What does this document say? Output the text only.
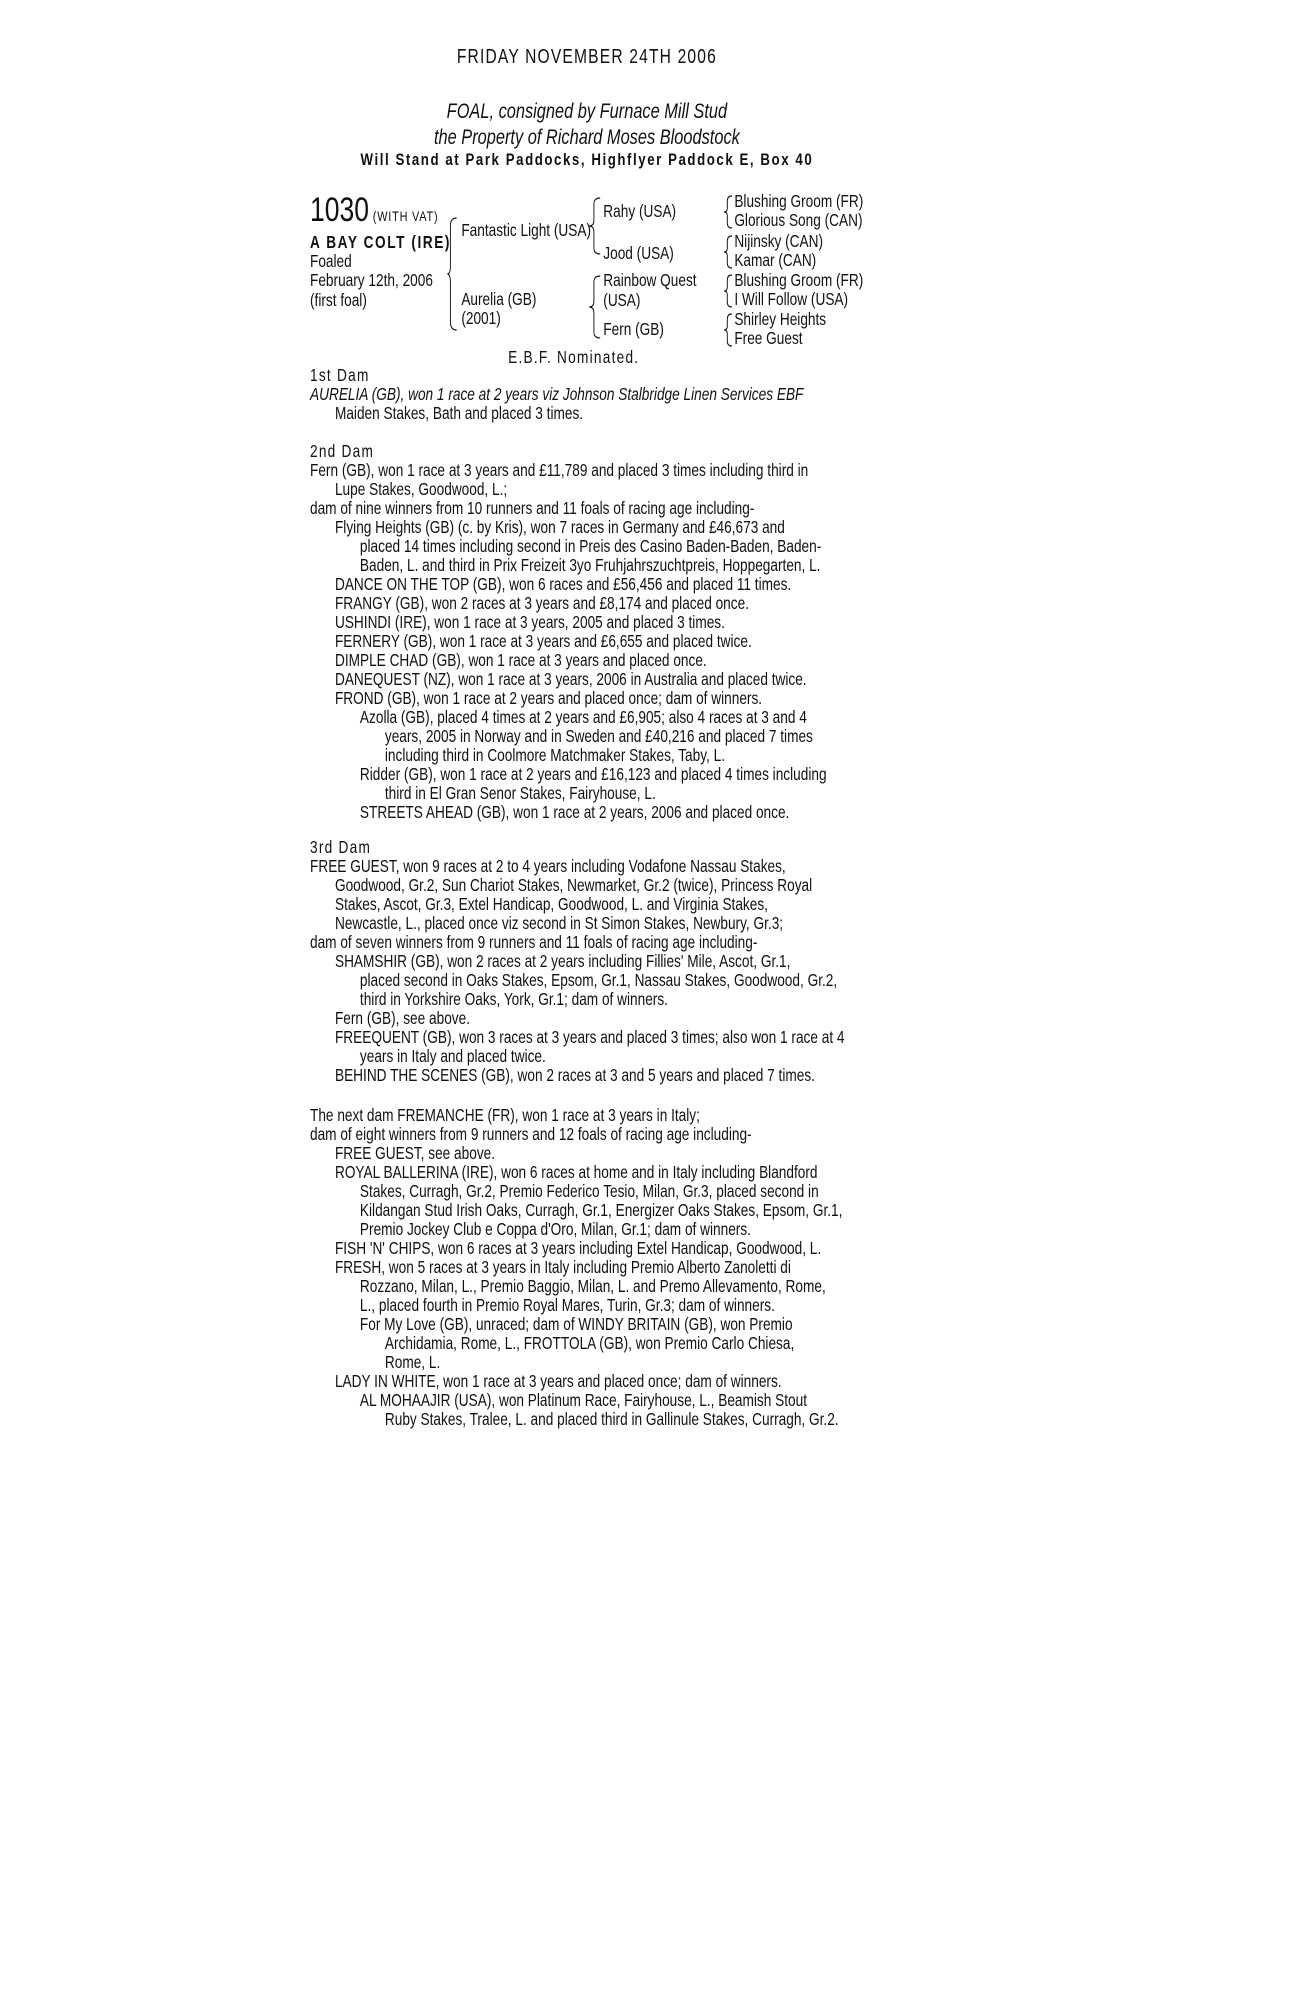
FRIDAY NOVEMBER 24TH 2006
FOAL, consigned by Furnace Mill Stud
the Property of Richard Moses Bloodstock
Will Stand at Park Paddocks, Highflyer Paddock E, Box 40
1030 (WITH VAT)
A BAY COLT (IRE)
Foaled
February 12th, 2006
(first foal)
Fantastic Light (USA)
Aurelia (GB)
(2001)
Rahy (USA)
Jood (USA)
Rainbow Quest
(USA)
Fern (GB)
Blushing Groom (FR)
Glorious Song (CAN)
Nijinsky (CAN)
Kamar (CAN)
Blushing Groom (FR)
I Will Follow (USA)
Shirley Heights
Free Guest
E.B.F. Nominated.
1st Dam
AURELIA (GB), won 1 race at 2 years viz Johnson Stalbridge Linen Services EBF
Maiden Stakes, Bath and placed 3 times.
2nd Dam
Fern (GB), won 1 race at 3 years and £11,789 and placed 3 times including third in
Lupe Stakes, Goodwood, L.;
dam of nine winners from 10 runners and 11 foals of racing age including-
Flying Heights (GB) (c. by Kris), won 7 races in Germany and £46,673 and
placed 14 times including second in Preis des Casino Baden-Baden, Baden-
Baden, L. and third in Prix Freizeit 3yo Fruhjahrszuchtpreis, Hoppegarten, L.
DANCE ON THE TOP (GB), won 6 races and £56,456 and placed 11 times.
FRANGY (GB), won 2 races at 3 years and £8,174 and placed once.
USHINDI (IRE), won 1 race at 3 years, 2005 and placed 3 times.
FERNERY (GB), won 1 race at 3 years and £6,655 and placed twice.
DIMPLE CHAD (GB), won 1 race at 3 years and placed once.
DANEQUEST (NZ), won 1 race at 3 years, 2006 in Australia and placed twice.
FROND (GB), won 1 race at 2 years and placed once; dam of winners.
Azolla (GB), placed 4 times at 2 years and £6,905; also 4 races at 3 and 4
years, 2005 in Norway and in Sweden and £40,216 and placed 7 times
including third in Coolmore Matchmaker Stakes, Taby, L.
Ridder (GB), won 1 race at 2 years and £16,123 and placed 4 times including
third in El Gran Senor Stakes, Fairyhouse, L.
STREETS AHEAD (GB), won 1 race at 2 years, 2006 and placed once.
3rd Dam
FREE GUEST, won 9 races at 2 to 4 years including Vodafone Nassau Stakes,
Goodwood, Gr.2, Sun Chariot Stakes, Newmarket, Gr.2 (twice), Princess Royal
Stakes, Ascot, Gr.3, Extel Handicap, Goodwood, L. and Virginia Stakes,
Newcastle, L., placed once viz second in St Simon Stakes, Newbury, Gr.3;
dam of seven winners from 9 runners and 11 foals of racing age including-
SHAMSHIR (GB), won 2 races at 2 years including Fillies' Mile, Ascot, Gr.1,
placed second in Oaks Stakes, Epsom, Gr.1, Nassau Stakes, Goodwood, Gr.2,
third in Yorkshire Oaks, York, Gr.1; dam of winners.
Fern (GB), see above.
FREEQUENT (GB), won 3 races at 3 years and placed 3 times; also won 1 race at 4
years in Italy and placed twice.
BEHIND THE SCENES (GB), won 2 races at 3 and 5 years and placed 7 times.
The next dam FREMANCHE (FR), won 1 race at 3 years in Italy;
dam of eight winners from 9 runners and 12 foals of racing age including-
FREE GUEST, see above.
ROYAL BALLERINA (IRE), won 6 races at home and in Italy including Blandford
Stakes, Curragh, Gr.2, Premio Federico Tesio, Milan, Gr.3, placed second in
Kildangan Stud Irish Oaks, Curragh, Gr.1, Energizer Oaks Stakes, Epsom, Gr.1,
Premio Jockey Club e Coppa d'Oro, Milan, Gr.1; dam of winners.
FISH 'N' CHIPS, won 6 races at 3 years including Extel Handicap, Goodwood, L.
FRESH, won 5 races at 3 years in Italy including Premio Alberto Zanoletti di
Rozzano, Milan, L., Premio Baggio, Milan, L. and Premo Allevamento, Rome,
L., placed fourth in Premio Royal Mares, Turin, Gr.3; dam of winners.
For My Love (GB), unraced; dam of WINDY BRITAIN (GB), won Premio
Archidamia, Rome, L., FROTTOLA (GB), won Premio Carlo Chiesa,
Rome, L.
LADY IN WHITE, won 1 race at 3 years and placed once; dam of winners.
AL MOHAAJIR (USA), won Platinum Race, Fairyhouse, L., Beamish Stout
Ruby Stakes, Tralee, L. and placed third in Gallinule Stakes, Curragh, Gr.2.
